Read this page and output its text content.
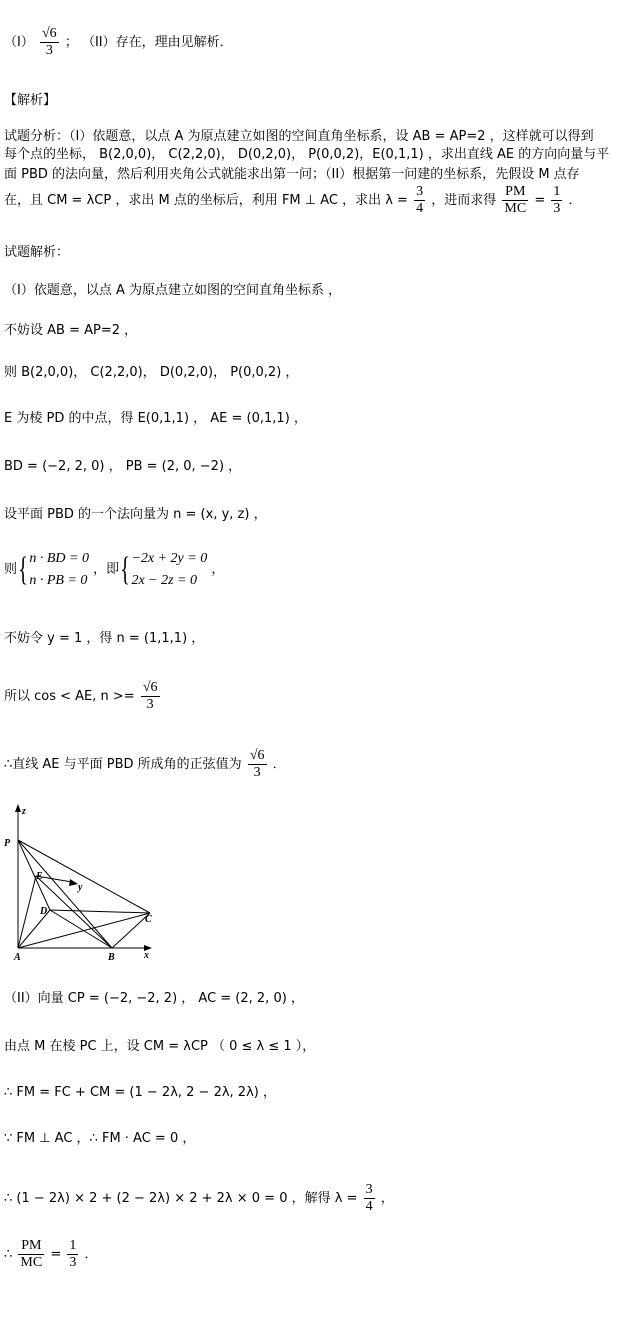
$(I) \frac{√6}{3}$ ； （II）存在，理由见解析．
【解析】
试题分析：（I）依题意，以点 A 为原点建立如图的空间直角坐标系，设 AB = AP=2 ，这样就可以得到
每个点的坐标， B(2,0,0)， C(2,2,0)， D(0,2,0)， P(0,0,2)，E(0,1,1) ，求出直线 AE 的方向向量与平
面 PBD 的法向量，然后利用夹角公式就能求出第一问；（II）根据第一问建的坐标系，先假设 M 点存
在，且 CM = λCP ，求出 M 点的坐标后，利用 FM ⊥ AC ，求出 $\lambda = \frac{3}{4}$ ，进而求得 $\frac{PM}{MC} = \frac{1}{3}$ ．
试题解析：
（I）依题意，以点 A 为原点建立如图的空间直角坐标系 ，
不妨设 AB = AP=2 ，
则 B(2,0,0)， C(2,2,0)， D(0,2,0)， P(0,0,2) ，
E 为棱 PD 的中点，得 E(0,1,1) ， AE = (0,1,1) ，
BD = (−2, 2, 0) ， PB = (2, 0, −2) ，
设平面 PBD 的一个法向量为 n = (x, y, z) ，
则{ n · BD = 0
n · PB = 0
，即{ −2x + 2y = 0
2x − 2z = 0
，
不妨令 y = 1 ，得 n = (1,1,1) ，
所以 cos < AE, $n >= \frac{√6}{3}$
∴直线 AE 与平面 PBD 所成角的正弦值为 $\frac{√6}{3}$ ．
z
P
E
y
D
C
A	B	x
（II）向量 CP = (−2, −2, 2) ， AC = (2, 2, 0) ，
由点 M 在棱 PC 上，设 CM = λCP （ 0 ≤ λ ≤ 1 ），
∴ FM = FC + CM = (1 − 2λ, 2 − 2λ, 2λ) ，
∵ FM ⊥ AC ，∴ FM · AC = 0 ，
∴ (1 − 2λ) × 2 + (2 − 2λ) × 2 + 2λ × 0 = 0 ，解得 $\lambda = \frac{3}{4}$ ，
∴ $\frac{PM}{MC} = \frac{1}{3}$ ．
